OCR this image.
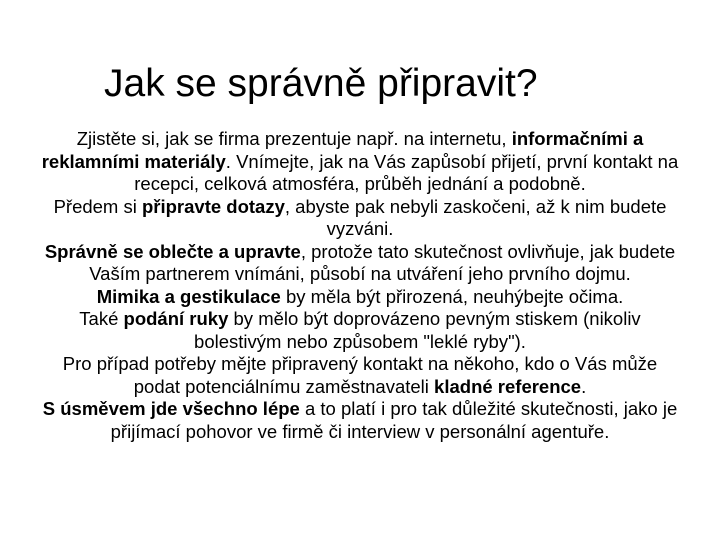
Jak se správně připravit?

Zjistěte si, jak se firma prezentuje např. na internetu, informačními a reklamními materiály. Vnímejte, jak na Vás zapůsobí přijetí, první kontakt na recepci, celková atmosféra, průběh jednání a podobně.

Předem si připravte dotazy, abyste pak nebyli zaskočeni, až k nim budete vyzváni.

Správně se oblečte a upravte, protože tato skutečnost ovlivňuje, jak budete Vaším partnerem vnímáni, působí na utváření jeho prvního dojmu.

Mimika a gestikulace by měla být přirozená, neuhýbejte očima.

Také podání ruky by mělo být doprovázeno pevným stiskem (nikoliv bolestivým nebo způsobem "leklé ryby").

Pro případ potřeby mějte připravený kontakt na někoho, kdo o Vás může podat potenciálnímu zaměstnavateli kladné reference.

S úsměvem jde všechno lépe a to platí i pro tak důležité skutečnosti, jako je přijímací pohovor ve firmě či interview v personální agentuře.
